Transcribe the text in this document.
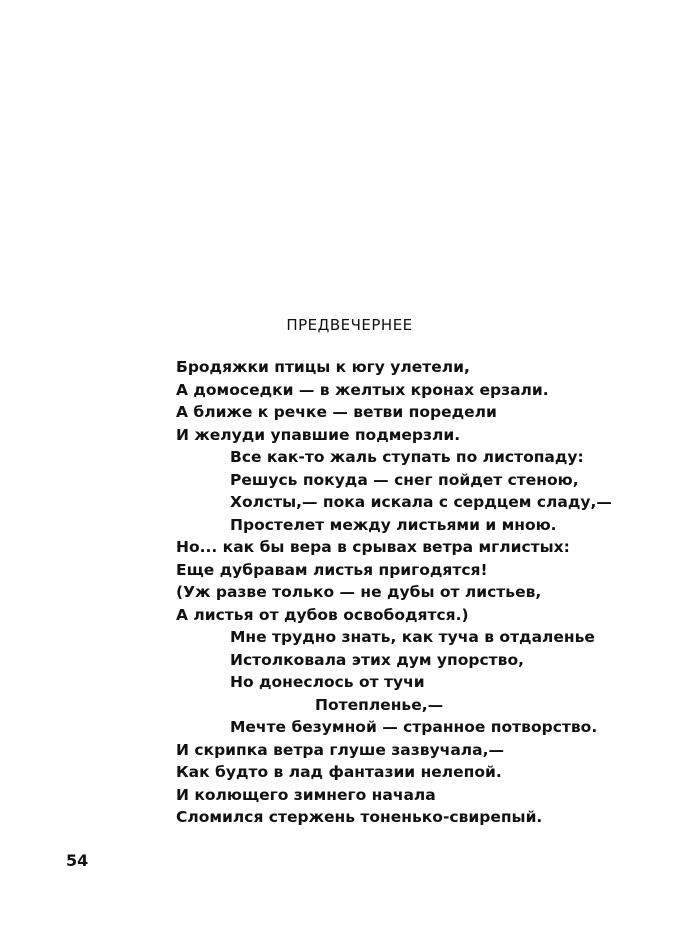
ПРЕДВЕЧЕРНЕЕ
Бродяжки птицы к югу улетели,
А домоседки — в желтых кронах ерзали.
А ближе к речке — ветви поредели
И желуди упавшие подмерзли.
Все как-то жаль ступать по листопаду:
Решусь покуда — снег пойдет стеною,
Холсты,— пока искала с сердцем сладу,—
Простелет между листьями и мною.
Но... как бы вера в срывах ветра мглистых:
Еще дубравам листья пригодятся!
(Уж разве только — не дубы от листьев,
А листья от дубов освободятся.)
Мне трудно знать, как туча в отдаленье
Истолковала этих дум упорство,
Но донеслось от тучи
Потепленье,—
Мечте безумной — странное потворство.
И скрипка ветра глуше зазвучала,—
Как будто в лад фантазии нелепой.
И колющего зимнего начала
Сломился стержень тоненько-свирепый.
54
